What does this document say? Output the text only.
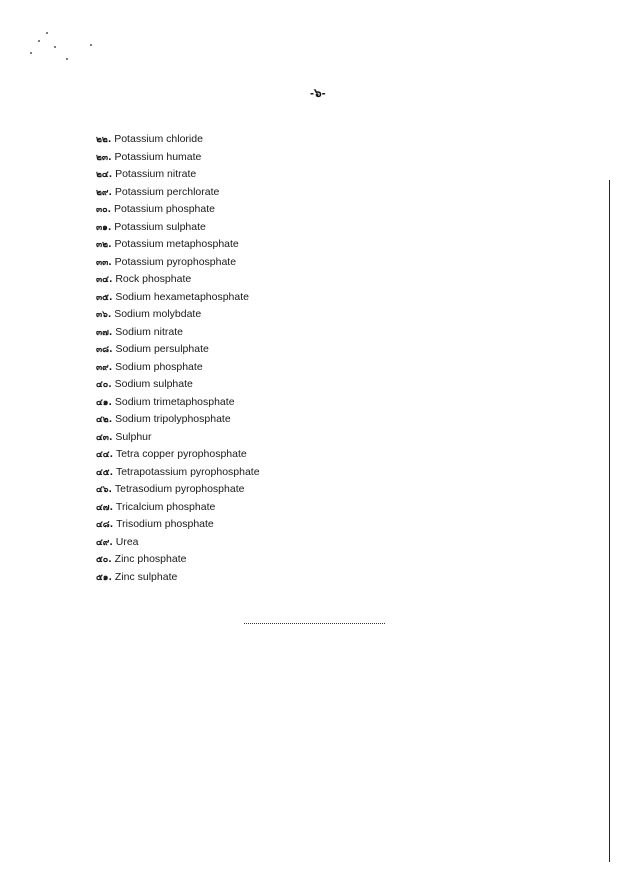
-๖-
๒๒. Potassium chloride
๒๓. Potassium humate
๒๔. Potassium nitrate
๒๙. Potassium perchlorate
๓๐. Potassium phosphate
๓๑. Potassium sulphate
๓๒. Potassium metaphosphate
๓๓. Potassium pyrophosphate
๓๔. Rock phosphate
๓๕. Sodium hexametaphosphate
๓๖. Sodium molybdate
๓๗. Sodium nitrate
๓๘. Sodium persulphate
๓๙. Sodium phosphate
๔๐. Sodium sulphate
๔๑. Sodium trimetaphosphate
๔๒. Sodium tripolyphosphate
๔๓. Sulphur
๔๔. Tetra copper pyrophosphate
๔๕. Tetrapotassium pyrophosphate
๔๖. Tetrasodium pyrophosphate
๔๗. Tricalcium phosphate
๔๘. Trisodium phosphate
๔๙. Urea
๕๐. Zinc phosphate
๕๑. Zinc sulphate
